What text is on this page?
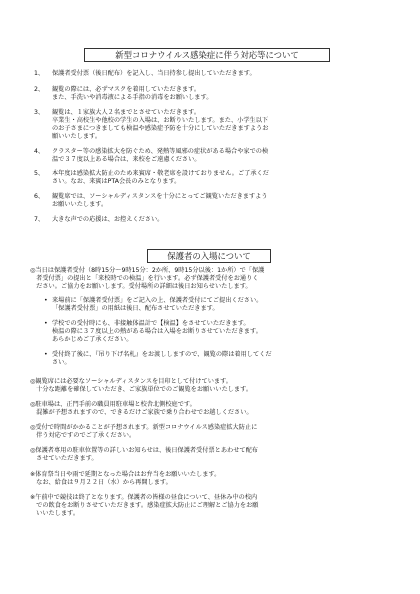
新型コロナウイルス感染症に伴う対応等について
1、	保護者受付票（後日配布）を記入し、当日持参し提出していただきます。
2、	観覧の際には、必ずマスクを着用していただきます。
また、手洗いや消毒液による手指の消毒をお願いします。
3、	観覧は、１家族大人２名までとさせていただきます。
卒業生・高校生や他校の学生の入場は、お断りいたします。また、小学生以下
のお子さまにつきましても検温や感染症予防を十分にしていただきますようお
願いいたします。
4、	クラスター等の感染拡大を防ぐため、発熱等風邪の症状がある場合や家での検
温で３７度以上ある場合は、来校をご遠慮ください。
5、	本年度は感染拡大防止のため来賓席・敬老席を設けておりません。ご了承くだ
さい。なお、来賓はPTA会長のみとなります。
6、	観覧席では、ソーシャルディスタンスを十分にとってご観覧いただきますよう
お願いいたします。
7、	大きな声での応援は、お控えください。
保護者の入場について
◎当日は保護者受付（8時15分～9時15分：2か所、9時15分以後：1か所）で「保護
　者受付票」の提出と「来校時での検温」を行います。必ず保護者受付をお通りく
　ださい。ご協力をお願いします。受付場所の詳細は後日お知らせいたします。
• 来場前に「保護者受付票」をご記入の上、保護者受付にてご提出ください。
「保護者受付票」の用紙は後日、配布させていただきます。
• 学校での受付時にも、非接触体温計で【検温】をさせていただきます。
検温の際に３７度以上の熱がある場合は入場をお断りさせていただきます。
あらかじめご了承ください。
• 受付終了後に、『吊り下げ名札』をお渡ししますので、観覧の際は着用してくだ
さい。
◎観覧席には必要なソーシャルディスタンスを目印として付けています。
　十分な距離を確保していただき、ご家族単位でのご観覧をお願いいたします。
◎駐車場は、正門手前の職員用駐車場と校舎北側校庭です。
　混雑が予想されますので、できるだけご家族で乗り合わせでお越しください。
◎受付で時間がかかることが予想されます。新型コロナウイルス感染症拡大防止に
　伴う対応ですのでご了承ください。
◎保護者専用の駐車位置等の詳しいお知らせは、後日保護者受付票とあわせて配布
　させていただきます。
※体育祭当日や雨で延期となった場合はお弁当をお願いいたします。
　なお、給食は９月２２日（水）から再開します。
※午前中で競技は終了となります。保護者の皆様の昼食について、昼休み中の校内
　での飲食をお断りさせていただきます。感染症拡大防止にご理解とご協力をお願
　いいたします。
